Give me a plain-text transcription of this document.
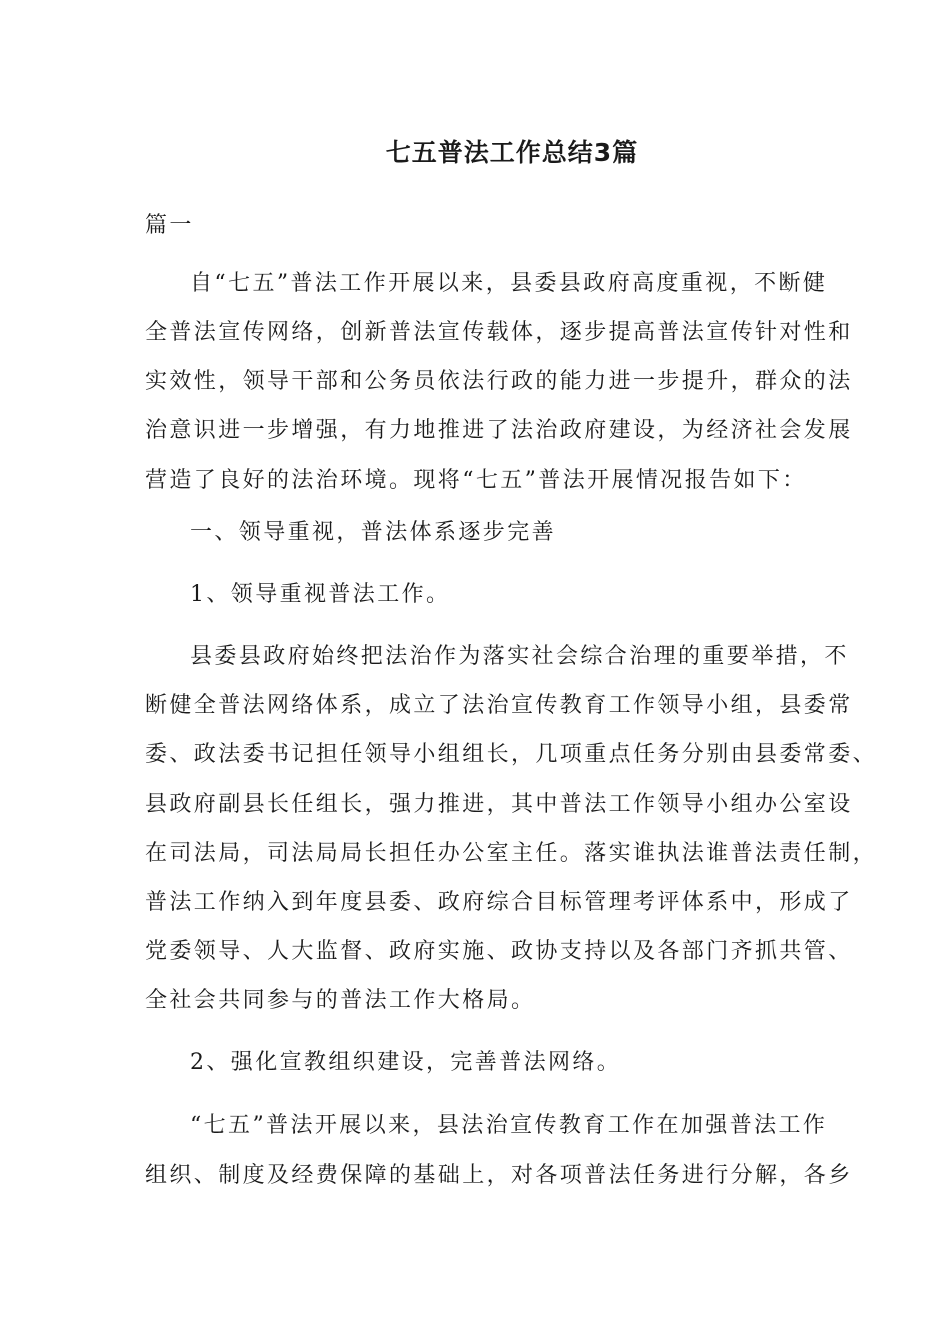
七五普法工作总结3篇
篇一
自“七五”普法工作开展以来，县委县政府高度重视，不断健
全普法宣传网络，创新普法宣传载体，逐步提高普法宣传针对性和
实效性，领导干部和公务员依法行政的能力进一步提升，群众的法
治意识进一步增强，有力地推进了法治政府建设，为经济社会发展
营造了良好的法治环境。现将“七五”普法开展情况报告如下：
一、领导重视，普法体系逐步完善
1、领导重视普法工作。
县委县政府始终把法治作为落实社会综合治理的重要举措，不
断健全普法网络体系，成立了法治宣传教育工作领导小组，县委常
委、政法委书记担任领导小组组长，几项重点任务分别由县委常委、
县政府副县长任组长，强力推进，其中普法工作领导小组办公室设
在司法局，司法局局长担任办公室主任。落实谁执法谁普法责任制，
普法工作纳入到年度县委、政府综合目标管理考评体系中，形成了
党委领导、人大监督、政府实施、政协支持以及各部门齐抓共管、
全社会共同参与的普法工作大格局。
2、强化宣教组织建设，完善普法网络。
“七五”普法开展以来，县法治宣传教育工作在加强普法工作
组织、制度及经费保障的基础上，对各项普法任务进行分解，各乡
